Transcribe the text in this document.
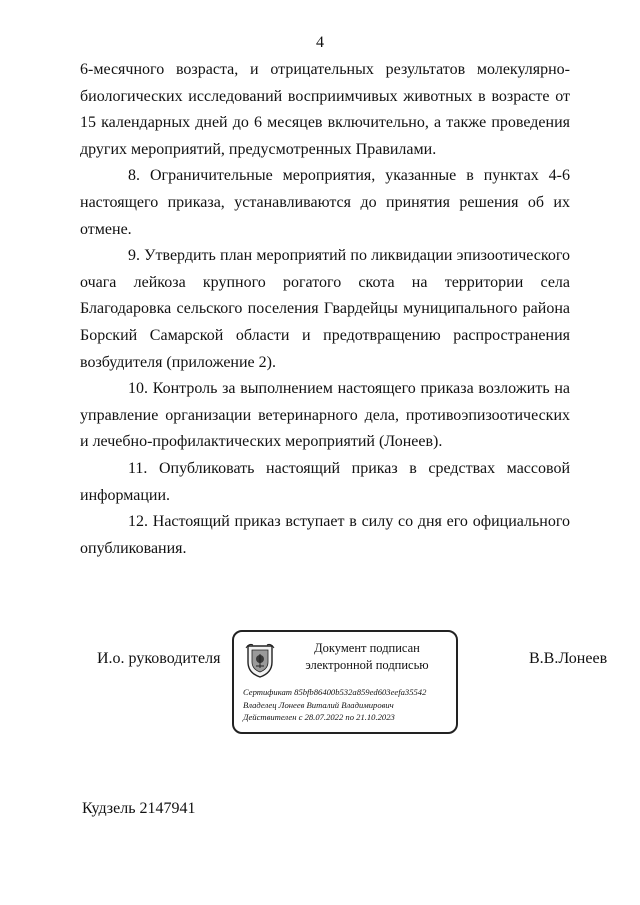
4

6-месячного возраста, и отрицательных результатов молекулярно-биологических исследований восприимчивых животных в возрасте от 15 календарных дней до 6 месяцев включительно, а также проведения других мероприятий, предусмотренных Правилами.

8. Ограничительные мероприятия, указанные в пунктах 4-6 настоящего приказа, устанавливаются до принятия решения об их отмене.

9. Утвердить план мероприятий по ликвидации эпизоотического очага лейкоза крупного рогатого скота на территории села Благодаровка сельского поселения Гвардейцы муниципального района Борский Самарской области и предотвращению распространения возбудителя (приложение 2).

10. Контроль за выполнением настоящего приказа возложить на управление организации ветеринарного дела, противоэпизоотических и лечебно-профилактических мероприятий (Лонеев).

11. Опубликовать настоящий приказ в средствах массовой информации.

12. Настоящий приказ вступает в силу со дня его официального опубликования.

И.о. руководителя
Документ подписан
электронной подписью
Сертификат 85bfb86400b532a859ed603eefa35542
Владелец Лонеев Виталий Владимирович
Действителен с 28.07.2022 по 21.10.2023
В.В.Лонеев
Кудзель 2147941
